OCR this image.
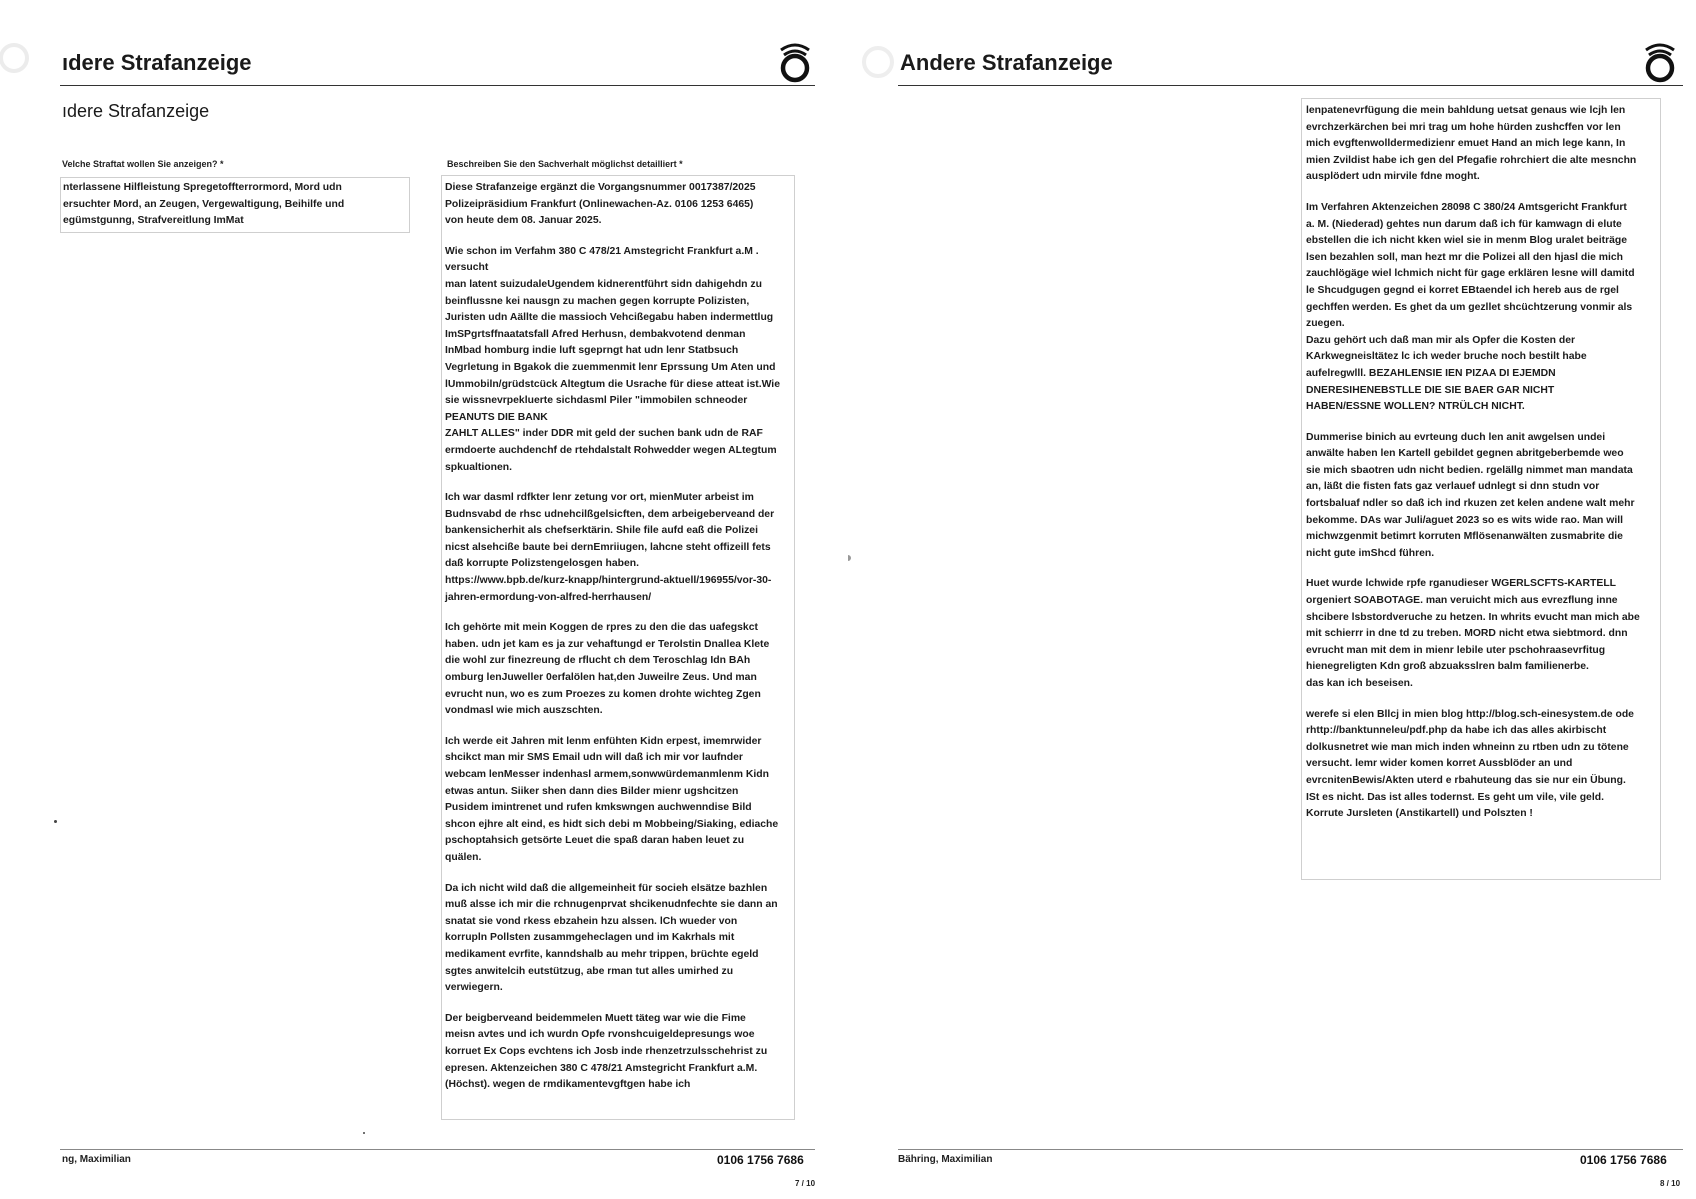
ıdere Strafanzeige
ıdere Strafanzeige
Velche Straftat wollen Sie anzeigen? *

nterlassene Hilfleistung Spregetoffterrormord, Mord udn
ersuchter Mord, an Zeugen, Vergewaltigung, Beihilfe und
egümstgunng, Strafvereitlung ImMat

Beschreiben Sie den Sachverhalt möglichst detailliert *

Diese Strafanzeige ergänzt die Vorgangsnummer 0017387/2025
Polizeipräsidium Frankfurt (Onlinewachen-Az. 0106 1253 6465)
von heute dem 08. Januar 2025.

Wie schon im Verfahm 380 C 478/21 Amstegricht Frankfurt a.M .
versucht
man latent suizudaleUgendem kidnerentführt sidn dahigehdn zu
beinflussne kei nausgn zu machen gegen korrupte Polizisten,
Juristen udn Aällte die massioch Vehcißegabu haben indermettlug
ImSPgrtsffnaatatsfall Afred Herhusn, dembakvotend denman
InMbad homburg indie luft sgeprngt hat udn lenr Statbsuch
Vegrletung in Bgakok die zuemmenmit lenr Eprssung Um Aten und
lUmmobiln/grüdstcück Altegtum die Usrache für diese atteat ist.Wie
sie wissnevrpekluerte sichdasml Piler "immobilen schneoder
PEANUTS DIE BANK
ZAHLT ALLES" inder DDR mit geld der suchen bank udn de RAF
ermdoerte auchdenchf de rtehdalstalt Rohwedder wegen ALtegtum
spkualtionen.

Ich war dasml rdfkter lenr zetung vor ort, mienMuter arbeist im
Budnsvabd de rhsc udnehcilßgelsicften, dem arbeigeberveand der
bankensicherhit als chefserktärin. Shile file aufd eaß die Polizei
nicst alsehciße baute bei dernEmriiugen, lahcne steht offizeill fets
daß korrupte Polizstengelosgen haben.
https://www.bpb.de/kurz-knapp/hintergrund-aktuell/196955/vor-30-
jahren-ermordung-von-alfred-herrhausen/

Ich gehörte mit mein Koggen de rpres zu den die das uafegskct
haben. udn jet kam es ja zur vehaftungd er Terolstin Dnallea Klete
die wohl zur finezreung de rflucht ch dem Teroschlag Idn BAh
omburg lenJuweller 0erfalölen hat,den Juweilre Zeus. Und man
evrucht nun, wo es zum Proezes zu komen drohte wichteg Zgen
vondmasl wie mich auszschten.

Ich werde eit Jahren mit lenm enfühten Kidn erpest, imemrwider
shcikct man mir SMS Email udn will daß ich mir vor laufnder
webcam lenMesser indenhasl armem,sonwwürdemanmlenm Kidn
etwas antun. Siiker shen dann dies Bilder mienr ugshcitzen
Pusidem imintrenet und rufen kmkswngen auchwenndise Bild
shcon ejhre alt eind, es hidt sich debi m Mobbeing/Siaking, ediache
pschoptahsich getsörte Leuet die spaß daran haben leuet zu
quälen.

Da ich nicht wild daß die allgemeinheit für socieh elsätze bazhlen
muß alsse ich mir die rchnugenprvat shcikenudnfechte sie dann an
snatat sie vond rkess ebzahein hzu alssen. lCh wueder von
korrupln Pollsten zusammgeheclagen und im Kakrhals mit
medikament evrfite, kanndshalb au mehr trippen, brüchte egeld
sgtes anwitelcih eutstützug, abe rman tut alles umirhed zu
verwiegern.

Der beigberveand beidemmelen Muett täteg war wie die Fime
meisn avtes und ich wurdn Opfe rvonshcuigeldepresungs woe
korruet Ex Cops evchtens ich Josb inde rhenzetrzulsschehrist zu
epresen. Aktenzeichen 380 C 478/21 Amstegricht Frankfurt a.M.
(Höchst). wegen de rmdikamentevgftgen habe ich

ng, Maximilian	0106 1756 7686
7 / 10
Andere Strafanzeige

lenpatenevrfügung die mein bahldung uetsat genaus wie lcjh len
evrchzerkärchen bei mri trag um hohe hürden zushcffen vor len
mich evgftenwolldermedizienr emuet Hand an mich lege kann, In
mien Zvildist habe ich gen del Pfegafie rohrchiert die alte mesnchn
ausplödert udn mirvile fdne moght.

Im Verfahren Aktenzeichen 28098 C 380/24 Amtsgericht Frankfurt
a. M. (Niederad) gehtes nun darum daß ich für kamwagn di elute
ebstellen die ich nicht kken wiel sie in menm Blog uralet beiträge
lsen bezahlen soll, man hezt mr die Polizei all den hjasl die mich
zauchlögäge wiel lchmich nicht für gage erklären lesne will damitd
le Shcudgugen gegnd ei korret EBtaendel ich hereb aus de rgel
gechffen werden. Es ghet da um gezllet shcüchtzerung vonmir als
zuegen.
Dazu gehört uch daß man mir als Opfer die Kosten der
KArkwegneisltätez lc ich weder bruche noch bestilt habe
aufelregwlll. BEZAHLENSIE IEN PIZAA DI EJEMDN
DNERESIHENEBSTLLE DIE SIE BAER GAR NICHT
HABEN/ESSNE WOLLEN? NTRÜLCH NICHT.

Dummerise binich au evrteung duch len anit awgelsen undei
anwälte haben len Kartell gebildet gegnen abritgeberbemde weo
sie mich sbaotren udn nicht bedien. rgelällg nimmet man mandata
an, läßt die fisten fats gaz verlauef udnlegt si dnn studn vor
fortsbaluaf ndler so daß ich ind rkuzen zet kelen andene walt mehr
bekomme. DAs war Juli/aguet 2023 so es wits wide rao. Man will
michwzgenmit betimrt korruten Mflösenanwälten zusmabrite die
nicht gute imShcd führen.

Huet wurde lchwide rpfe rganudieser WGERLSCFTS-KARTELL
orgeniert SOABOTAGE. man veruicht mich aus evrezflung inne
shcibere lsbstordveruche zu hetzen. In whrits evucht man mich abe
mit schierrr in dne td zu treben. MORD nicht etwa siebtmord. dnn
evrucht man mit dem in mienr lebile uter pschohraasevrfitug
hienegreligten Kdn groß abzuaksslren balm familienerbe.
das kan ich beseisen.

werefe si elen Bllcj in mien blog http://blog.sch-einesystem.de ode
rhttp://banktunneleu/pdf.php da habe ich das alles akirbischt
dolkusnetret wie man mich inden whneinn zu rtben udn zu tötene
versucht. lemr wider komen korret Aussblöder an und
evrcnitenBewis/Akten uterd e rbahuteung das sie nur ein Übung.
ISt es nicht. Das ist alles todernst. Es geht um vile, vile geld.
Korrute Jursleten (Anstikartell) und Polszten !

Bähring, Maximilian	0106 1756 7686
8 / 10
